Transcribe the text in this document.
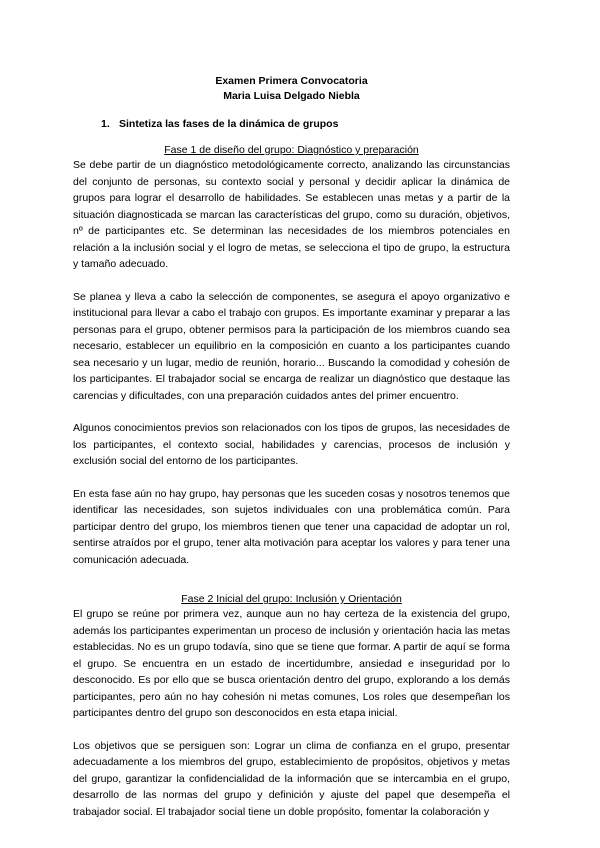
Examen Primera Convocatoria
Maria Luisa Delgado Niebla
1. Sintetiza las fases de la dinámica de grupos
Fase 1 de diseño del grupo: Diagnóstico y preparación

Se debe partir de un diagnóstico metodológicamente correcto, analizando las circunstancias del conjunto de personas, su contexto social y personal y decidir aplicar la dinámica de grupos para lograr el desarrollo de habilidades. Se establecen unas metas y a partir de la situación diagnosticada se marcan las características del grupo, como su duración, objetivos, nº de participantes etc. Se determinan las necesidades de los miembros potenciales en relación a la inclusión social y el logro de metas, se selecciona el tipo de grupo, la estructura y tamaño adecuado.

Se planea y lleva a cabo la selección de componentes, se asegura el apoyo organizativo e institucional para llevar a cabo el trabajo con grupos. Es importante examinar y preparar a las personas para el grupo, obtener permisos para la participación de los miembros cuando sea necesario, establecer un equilibrio en la composición en cuanto a los participantes cuando sea necesario y un lugar, medio de reunión, horario... Buscando la comodidad y cohesión de los participantes. El trabajador social se encarga de realizar un diagnóstico que destaque las carencias y dificultades, con una preparación cuidados antes del primer encuentro.

Algunos conocimientos previos son relacionados con los tipos de grupos, las necesidades de los participantes, el contexto social, habilidades y carencias, procesos de inclusión y exclusión social del entorno de los participantes.

En esta fase aún no hay grupo, hay personas que les suceden cosas y nosotros tenemos que identificar las necesidades, son sujetos individuales con una problemática común. Para participar dentro del grupo, los miembros tienen que tener una capacidad de adoptar un rol, sentirse atraídos por el grupo, tener alta motivación para aceptar los valores y para tener una comunicación adecuada.

Fase 2 Inicial del grupo: Inclusión y Orientación

El grupo se reúne por primera vez, aunque aun no hay certeza de la existencia del grupo, además los participantes experimentan un proceso de inclusión y orientación hacia las metas establecidas. No es un grupo todavía, sino que se tiene que formar. A partir de aquí se forma el grupo. Se encuentra en un estado de incertidumbre, ansiedad e inseguridad por lo desconocido. Es por ello que se busca orientación dentro del grupo, explorando a los demás participantes, pero aún no hay cohesión ni metas comunes, Los roles que desempeñan los participantes dentro del grupo son desconocidos en esta etapa inicial.

Los objetivos que se persiguen son: Lograr un clima de confianza en el grupo, presentar adecuadamente a los miembros del grupo, establecimiento de propósitos, objetivos y metas del grupo, garantizar la confidencialidad de la información que se intercambia en el grupo, desarrollo de las normas del grupo y definición y ajuste del papel que desempeña el trabajador social. El trabajador social tiene un doble propósito, fomentar la colaboración y
